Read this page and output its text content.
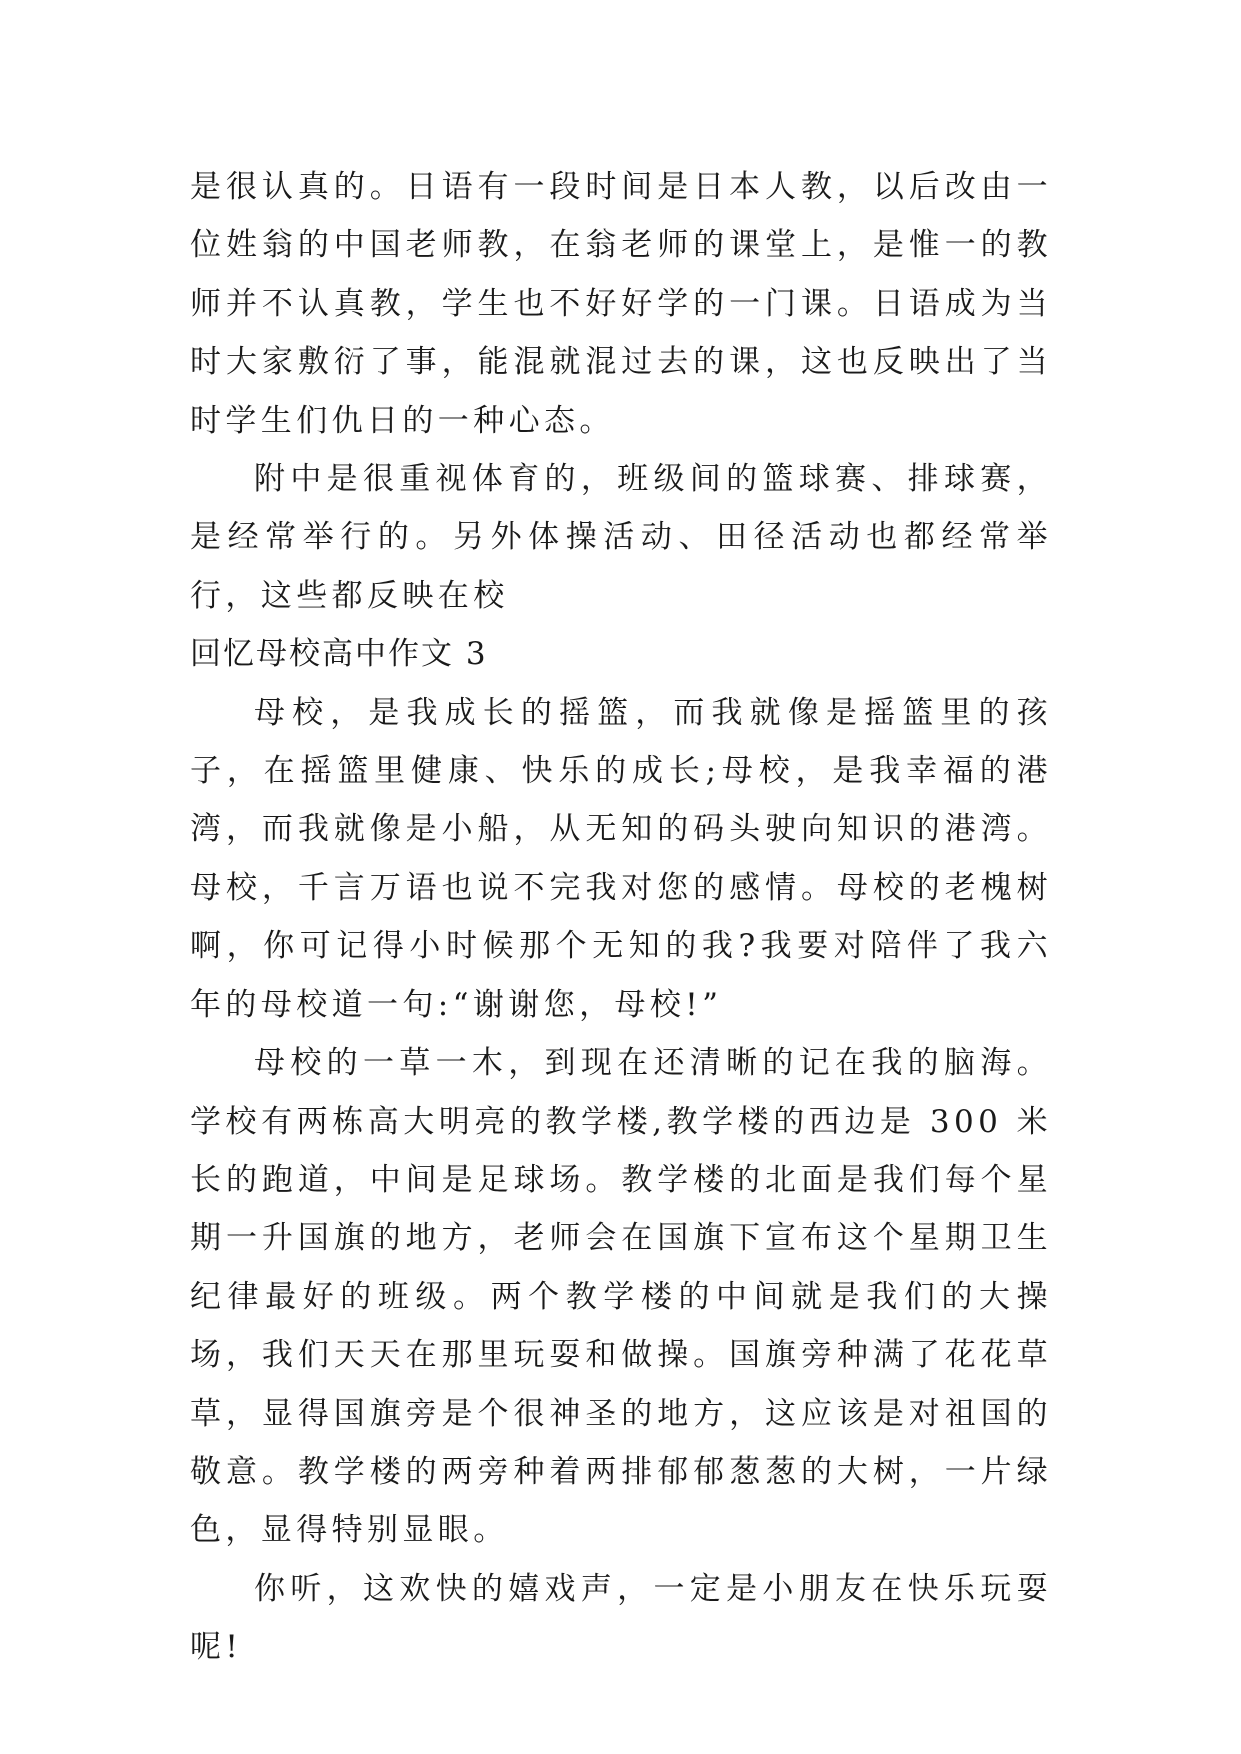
是很认真的。日语有一段时间是日本人教，以后改由一位姓翁的中国老师教，在翁老师的课堂上，是惟一的教师并不认真教，学生也不好好学的一门课。日语成为当时大家敷衍了事，能混就混过去的课，这也反映出了当时学生们仇日的一种心态。

附中是很重视体育的，班级间的篮球赛、排球赛，是经常举行的。另外体操活动、田径活动也都经常举行，这些都反映在校

回忆母校高中作文 3

母校，是我成长的摇篮，而我就像是摇篮里的孩子，在摇篮里健康、快乐的成长;母校，是我幸福的港湾，而我就像是小船，从无知的码头驶向知识的港湾。母校，千言万语也说不完我对您的感情。母校的老槐树啊，你可记得小时候那个无知的我?我要对陪伴了我六年的母校道一句:“谢谢您，母校!”

母校的一草一木，到现在还清晰的记在我的脑海。学校有两栋高大明亮的教学楼,教学楼的西边是 300 米长的跑道，中间是足球场。教学楼的北面是我们每个星期一升国旗的地方，老师会在国旗下宣布这个星期卫生纪律最好的班级。两个教学楼的中间就是我们的大操场，我们天天在那里玩耍和做操。国旗旁种满了花花草草，显得国旗旁是个很神圣的地方，这应该是对祖国的敬意。教学楼的两旁种着两排郁郁葱葱的大树，一片绿色，显得特别显眼。

你听，这欢快的嬉戏声，一定是小朋友在快乐玩耍呢!
